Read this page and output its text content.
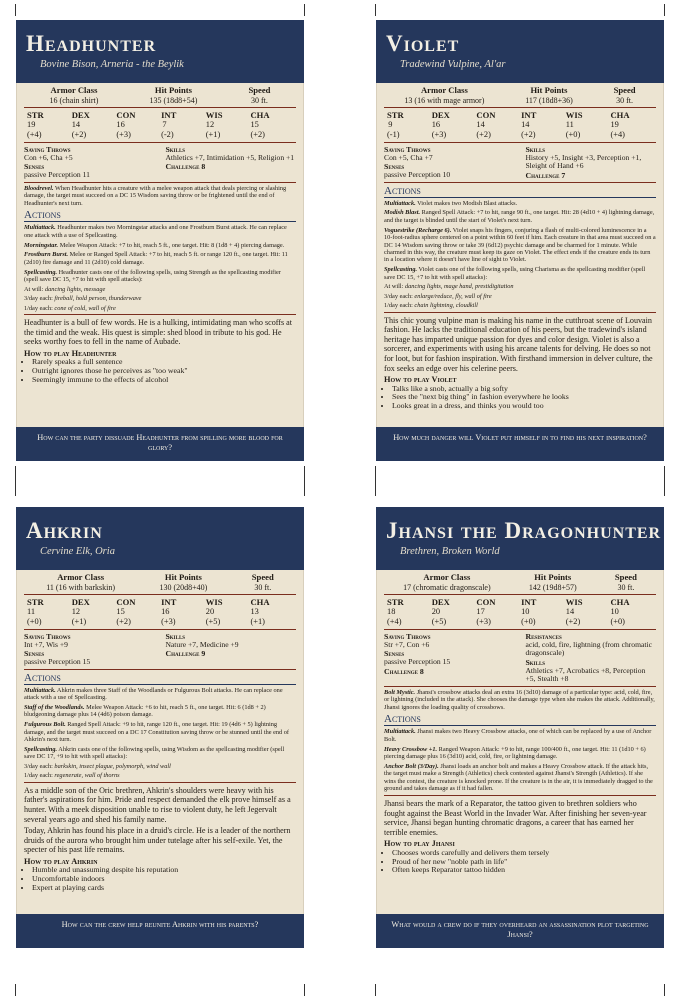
Headhunter
Bovine Bison, Arneria - the Beylik
Armor Class
16 (chain shirt)
Hit Points
135 (18d8+54)
Speed
30 ft.
STR
19 (+4)
DEX
14 (+2)
CON
16 (+3)
INT
7 (-2)
WIS
12 (+1)
CHA
15 (+2)
Saving Throws
Con +6, Cha +5
Senses
passive Perception 11
Skills
Athletics +7, Intimidation +5, Religion +1
Challenge 8

Bloodrevel. When Headhunter hits a creature with a melee weapon attack that deals piercing or slashing damage, the target must succeed on a DC 15 Wisdom saving throw or be frightened until the end of Headhunter's next turn.

Actions

Multiattack. Headhunter makes two Morningstar attacks and one Frostburn Burst attack. He can replace one attack with a use of Spellcasting.

Morningstar. Melee Weapon Attack: +7 to hit, reach 5 ft., one target. Hit: 8 (1d8 + 4) piercing damage.

Frostburn Burst. Melee or Ranged Spell Attack: +7 to hit, reach 5 ft. or range 120 ft., one target. Hit: 11 (2d10) fire damage and 11 (2d10) cold damage.

Spellcasting. Headhunter casts one of the following spells, using Strength as the spellcasting modifier (spell save DC 15, +7 to hit with spell attacks):

At will: dancing lights, message
3/day each: fireball, hold person, thunderwave
1/day each: cone of cold, wall of fire

Headhunter is a bull of few words. He is a hulking, intimidating man who scoffs at the timid and the weak. His quest is simple: shed blood in tribute to his god. He seeks worthy foes to fell in the name of Aubade.

How to play Headhunter
• Rarely speaks a full sentence
• Outright ignores those he perceives as "too weak"
• Seemingly immune to the effects of alcohol
How can the party dissuade Headhunter from spilling more blood for glory?
Violet
Tradewind Vulpine, Al'ar
Armor Class
13 (16 with mage armor)
Hit Points
117 (18d8+36)
Speed
30 ft.
STR
9 (-1)
DEX
16 (+3)
CON
14 (+2)
INT
14 (+2)
WIS
11 (+0)
CHA
19 (+4)
Saving Throws
Con +5, Cha +7
Senses
passive Perception 10
Skills
History +5, Insight +3, Perception +1, Sleight of Hand +6
Challenge 7
Actions

Multiattack. Violet makes two Modish Blast attacks.

Modish Blast. Ranged Spell Attack: +7 to hit, range 90 ft., one target. Hit: 28 (4d10 + 4) lightning damage, and the target is blinded until the start of Violet's next turn.

Voguestrike (Recharge 6). Violet snaps his fingers, conjuring a flash of multi-colored luminescence in a 10-foot-radius sphere centered on a point within 60 feet if him. Each creature in that area must succeed on a DC 14 Wisdom saving throw or take 39 (6d12) psychic damage and be charmed for 1 minute. While charmed in this way, the creature must keep its gaze on Violet. The effect ends if the creature ends its turn in a location where it doesn't have line of sight to Violet.

Spellcasting. Violet casts one of the following spells, using Charisma as the spellcasting modifier (spell save DC 15, +7 to hit with spell attacks):

At will: dancing lights, mage hand, prestidigitation
3/day each: enlarge/reduce, fly, wall of fire
1/day each: chain lightning, cloudkill

This chic young vulpine man is making his name in the cutthroat scene of Louvain fashion. He lacks the traditional education of his peers, but the tradewind's island heritage has imparted unique passion for dyes and color design. Violet is also a sorcerer, and experiments with using his arcane talents for delving. He does so not for loot, but for fashion inspiration. With firsthand immersion in delver culture, the fox seeks an edge over his celerine peers.

How to play Violet
• Talks like a snob, actually a big softy
• Sees the "next big thing" in fashion everywhere he looks
• Looks great in a dress, and thinks you would too
How much danger will Violet put himself in to find his next inspiration?
Ahkrin
Cervine Elk, Oria
Armor Class
11 (16 with barkskin)
Hit Points
130 (20d8+40)
Speed
30 ft.
STR
11 (+0)
DEX
12 (+1)
CON
15 (+2)
INT
16 (+3)
WIS
20 (+5)
CHA
13 (+1)
Saving Throws
Int +7, Wis +9
Senses
passive Perception 15
Skills
Nature +7, Medicine +9
Challenge 9
Actions

Multiattack. Ahkrin makes three Staff of the Woodlands or Fulgurous Bolt attacks. He can replace one attack with a use of Spellcasting.

Staff of the Woodlands. Melee Weapon Attack: +6 to hit, reach 5 ft., one target. Hit: 6 (1d8 + 2) bludgeoning damage plus 14 (4d6) poison damage.

Fulgurous Bolt. Ranged Spell Attack: +9 to hit, range 120 ft., one target. Hit: 19 (4d6 + 5) lightning damage, and the target must succeed on a DC 17 Constitution saving throw or be stunned until the end of Ahkrin's next turn.

Spellcasting. Ahkrin casts one of the following spells, using Wisdom as the spellcasting modifier (spell save DC 17, +9 to hit with spell attacks):

3/day each: barkskin, insect plague, polymorph, wind wall
1/day each: regenerate, wall of thorns

As a middle son of the Oric brethren, Ahkrin's shoulders were heavy with his father's aspirations for him. Pride and respect demanded the elk prove himself as a hunter. With a meek disposition unable to rise to violent duty, he left Jegervalt several years ago and shed his family name.

Today, Ahkrin has found his place in a druid's circle. He is a leader of the northern druids of the aurora who brought him under tutelage after his self-exile. Yet, the specter of his past life remains.

How to play Ahkrin
• Humble and unassuming despite his reputation
• Uncomfortable indoors
• Expert at playing cards
How can the crew help reunite Ahkrin with his parents?
Jhansi the Dragonhunter
Brethren, Broken World
Armor Class
17 (chromatic dragonscale)
Hit Points
142 (19d8+57)
Speed
30 ft.
STR
18 (+4)
DEX
20 (+5)
CON
17 (+3)
INT
10 (+0)
WIS
14 (+2)
CHA
10 (+0)
Saving Throws
Str +7, Con +6
Senses
passive Perception 15
Challenge 8
Resistances
acid, cold, fire, lightning (from chromatic dragonscale)
Skills
Athletics +7, Acrobatics +8, Perception +5, Stealth +8

Bolt Mystic. Jhansi's crossbow attacks deal an extra 16 (3d10) damage of a particular type: acid, cold, fire, or lightning (included in the attack). She chooses the damage type when she makes the attack. Additionally, Jhansi ignores the loading quality of crossbows.

Actions

Multiattack. Jhansi makes two Heavy Crossbow attacks, one of which can be replaced by a use of Anchor Bolt.

Heavy Crossbow +1. Ranged Weapon Attack: +9 to hit, range 100/400 ft., one target. Hit: 11 (1d10 + 6) piercing damage plus 16 (3d10) acid, cold, fire, or lightning damage.

Anchor Bolt (3/Day). Jhansi loads an anchor bolt and makes a Heavy Crossbow attack. If the attack hits, the target must make a Strength (Athletics) check contested against Jhansi's Strength (Athletics). If she wins the contest, the creature is knocked prone. If the creature is in the air, it is immediately dragged to the ground and takes damage as if it had fallen.

Jhansi bears the mark of a Reparator, the tattoo given to brethren soldiers who fought against the Beast World in the Invader War. After finishing her seven-year service, Jhansi began hunting chromatic dragons, a career that has earned her terrible enemies.

How to play Jhansi
• Chooses words carefully and delivers them tersely
• Proud of her new "noble path in life"
• Often keeps Reparator tattoo hidden
What would a crew do if they overheard an assassination plot targeting Jhansi?
